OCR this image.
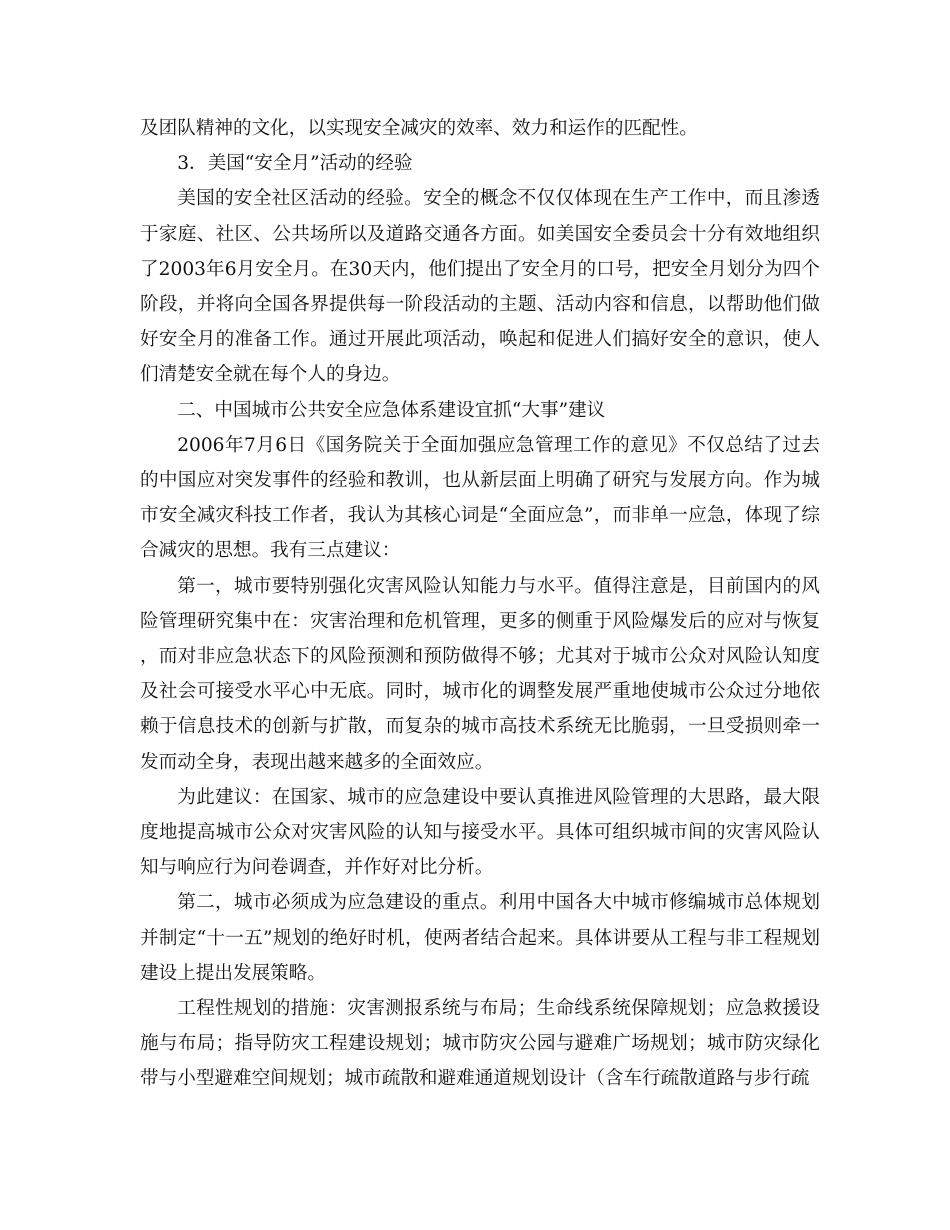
及团队精神的文化，以实现安全减灾的效率、效力和运作的匹配性。

3．美国“安全月”活动的经验

美国的安全社区活动的经验。安全的概念不仅仅体现在生产工作中，而且渗透于家庭、社区、公共场所以及道路交通各方面。如美国安全委员会十分有效地组织了2003年6月安全月。在30天内，他们提出了安全月的口号，把安全月划分为四个阶段，并将向全国各界提供每一阶段活动的主题、活动内容和信息，以帮助他们做好安全月的准备工作。通过开展此项活动，唤起和促进人们搞好安全的意识，使人们清楚安全就在每个人的身边。

二、中国城市公共安全应急体系建设宜抓“大事”建议

2006年7月6日《国务院关于全面加强应急管理工作的意见》不仅总结了过去的中国应对突发事件的经验和教训，也从新层面上明确了研究与发展方向。作为城市安全减灾科技工作者，我认为其核心词是“全面应急”，而非单一应急，体现了综合减灾的思想。我有三点建议：

第一，城市要特别强化灾害风险认知能力与水平。值得注意是，目前国内的风险管理研究集中在：灾害治理和危机管理，更多的侧重于风险爆发后的应对与恢复，而对非应急状态下的风险预测和预防做得不够；尤其对于城市公众对风险认知度及社会可接受水平心中无底。同时，城市化的调整发展严重地使城市公众过分地依赖于信息技术的创新与扩散，而复杂的城市高技术系统无比脆弱，一旦受损则牵一发而动全身，表现出越来越多的全面效应。

为此建议：在国家、城市的应急建设中要认真推进风险管理的大思路，最大限度地提高城市公众对灾害风险的认知与接受水平。具体可组织城市间的灾害风险认知与响应行为问卷调查，并作好对比分析。

第二，城市必须成为应急建设的重点。利用中国各大中城市修编城市总体规划并制定“十一五”规划的绝好时机，使两者结合起来。具体讲要从工程与非工程规划建设上提出发展策略。

工程性规划的措施：灾害测报系统与布局；生命线系统保障规划；应急救援设施与布局；指导防灾工程建设规划；城市防灾公园与避难广场规划；城市防灾绿化带与小型避难空间规划；城市疏散和避难通道规划设计（含车行疏散道路与步行疏
